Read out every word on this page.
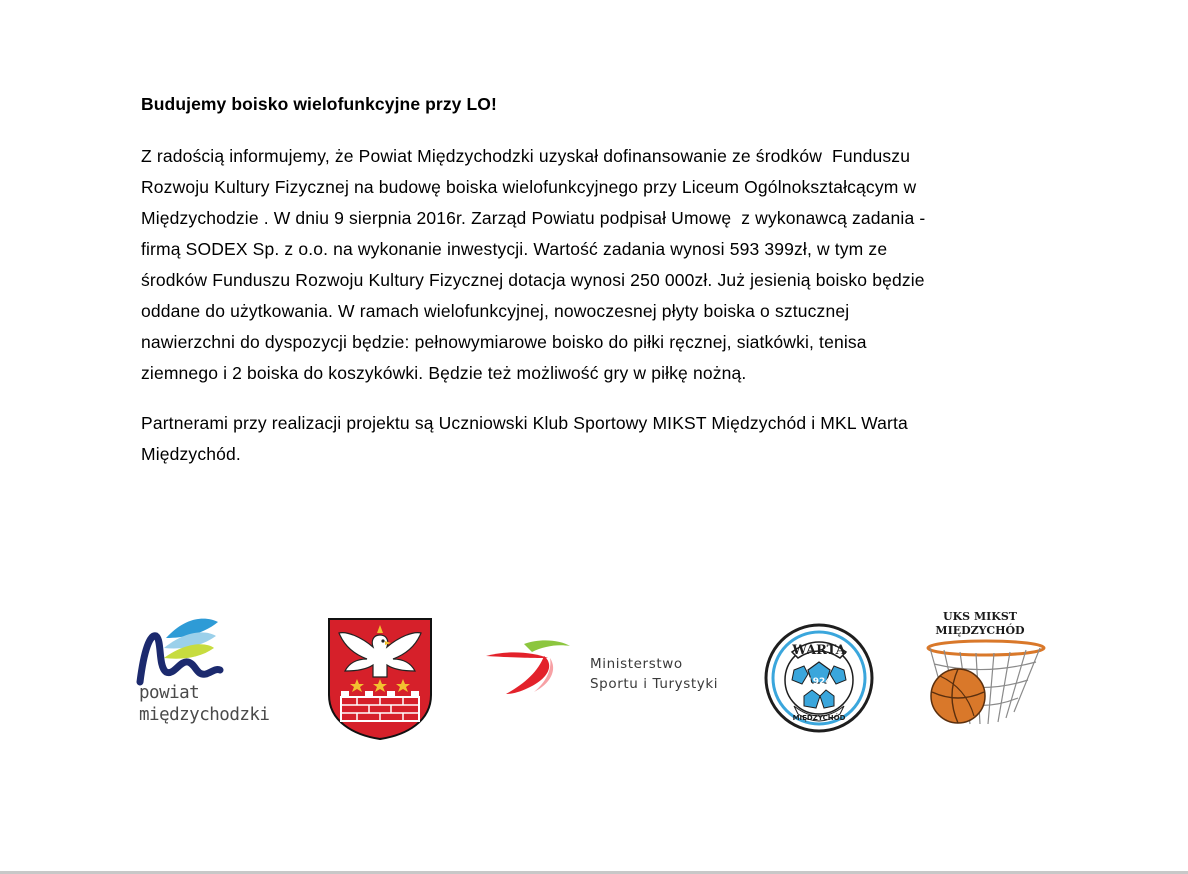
Budujemy boisko wielofunkcyjne przy LO!
Z radością informujemy, że Powiat Międzychodzki uzyskał dofinansowanie ze środków  Funduszu
Rozwoju Kultury Fizycznej na budowę boiska wielofunkcyjnego przy Liceum Ogólnokształcącym w
Międzychodzie . W dniu 9 sierpnia 2016r. Zarząd Powiatu podpisał Umowę  z wykonawcą zadania -
firmą SODEX Sp. z o.o. na wykonanie inwestycji. Wartość zadania wynosi 593 399zł, w tym ze
środków Funduszu Rozwoju Kultury Fizycznej dotacja wynosi 250 000zł. Już jesienią boisko będzie
oddane do użytkowania. W ramach wielofunkcyjnej, nowoczesnej płyty boiska o sztucznej
nawierzchni do dyspozycji będzie: pełnowymiarowe boisko do piłki ręcznej, siatkówki, tenisa
ziemnego i 2 boiska do koszykówki. Będzie też możliwość gry w piłkę nożną.
Partnerami przy realizacji projektu są Uczniowski Klub Sportowy MIKST Międzychód i MKL Warta
Międzychód.
powiat
międzychodzki
Ministerstwo
Sportu i Turystyki
WARTA
1924
MIĘDZYCHÓD
UKS MIKST
MIĘDZYCHÓD
